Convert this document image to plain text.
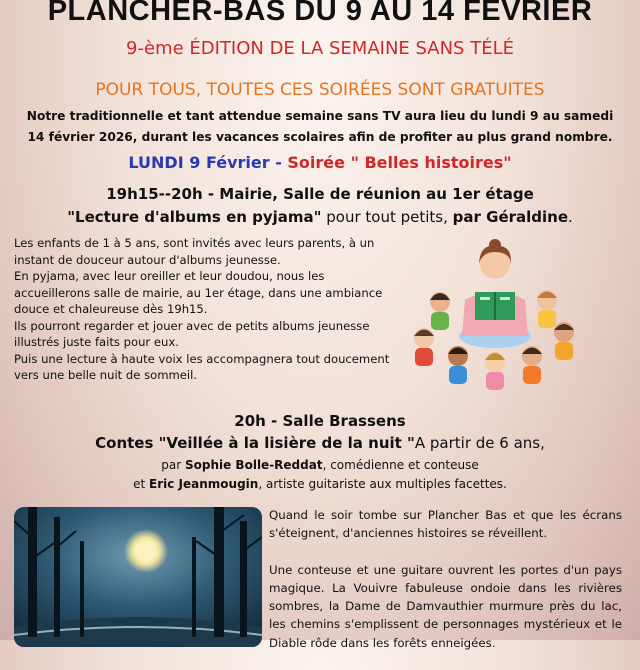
PLANCHER-BAS DU 9 AU 14 FEVRIER
9-ème ÉDITION DE LA SEMAINE SANS TÉLÉ
POUR TOUS, TOUTES CES SOIRÉES SONT GRATUITES
Notre traditionnelle et tant attendue semaine sans TV aura lieu du lundi 9 au samedi 14 février 2026, durant les vacances scolaires afin de profiter au plus grand nombre.
LUNDI 9 Février - Soirée " Belles histoires"
19h15--20h - Mairie, Salle de réunion au 1er étage
"Lecture d'albums en pyjama" pour tout petits, par Géraldine.

Les enfants de 1 à 5 ans, sont invités avec leurs parents, à un instant de douceur autour d'albums jeunesse.

En pyjama, avec leur oreiller et leur doudou, nous les accueillerons salle de mairie, au 1er étage, dans une ambiance douce et chaleureuse dès 19h15.

Ils pourront regarder et jouer avec de petits albums jeunesse illustrés juste faits pour eux.

Puis une lecture à haute voix les accompagnera tout doucement vers une belle nuit de sommeil.

20h - Salle Brassens
Contes "Veillée à la lisière de la nuit "A partir de 6 ans,
par Sophie Bolle-Reddat, comédienne et conteuse
et Eric Jeanmougin, artiste guitariste aux multiples facettes.

Quand le soir tombe sur Plancher Bas et que les écrans s'éteignent, d'anciennes histoires se réveillent.

Une conteuse et une guitare ouvrent les portes d'un pays magique. La Vouivre fabuleuse ondoie dans les rivières sombres, la Dame de Damvauthier murmure près du lac, les chemins s'emplissent de personnages mystérieux et le Diable rôde dans les forêts enneigées.
